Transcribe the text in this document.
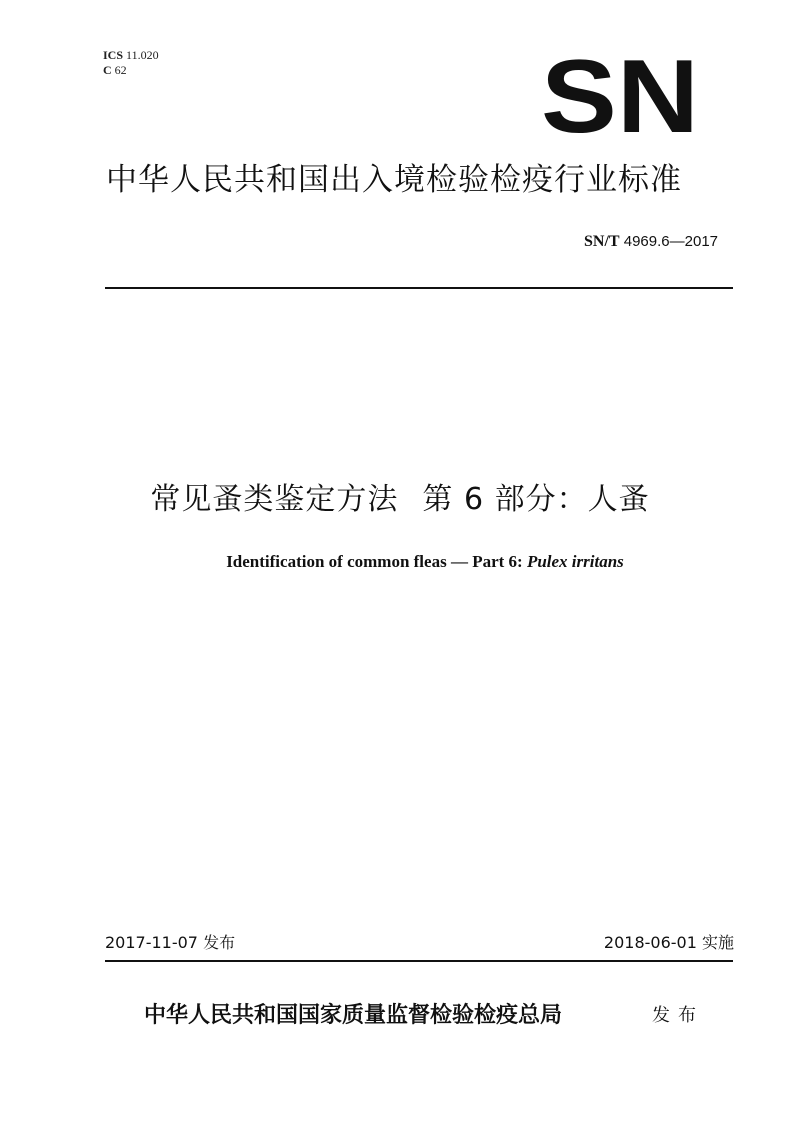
ICS 11.020
C 62	SN
中华人民共和国出入境检验检疫行业标准
SN/T 4969.6—2017
常见蚤类鉴定方法 第 6 部分：人蚤
Identification of common fleas — Part 6: Pulex irritans
2017-11-07 发布	2018-06-01 实施
中华人民共和国国家质量监督检验检疫总局	发布
